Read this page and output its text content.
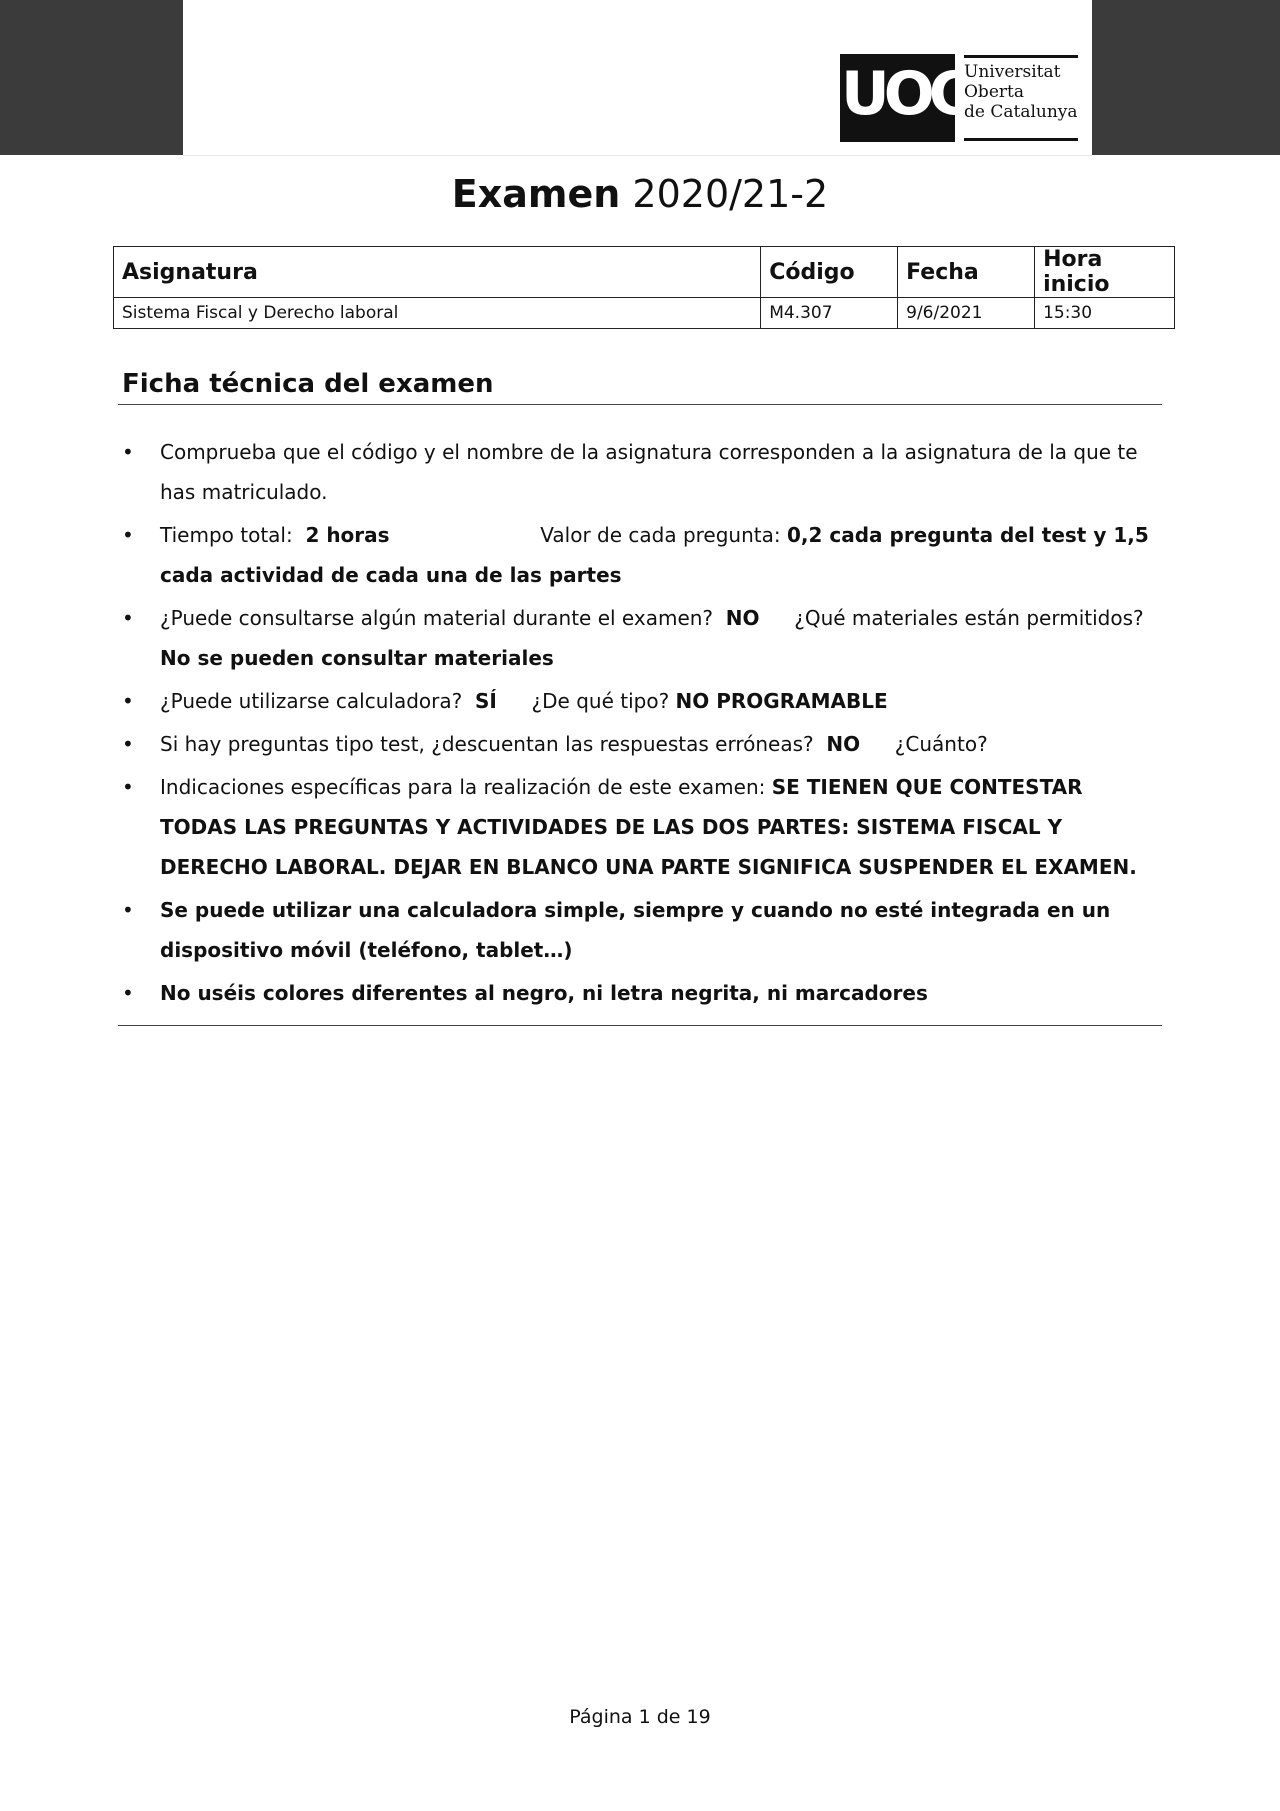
UOC
Universitat
Oberta
de Catalunya
Examen 2020/21-2
Asignatura	Código	Fecha	Hora inicio
Sistema Fiscal y Derecho laboral	M4.307	9/6/2021	15:30
Ficha técnica del examen
• Comprueba que el código y el nombre de la asignatura corresponden a la asignatura de la que te has matriculado.
• Tiempo total: 2 horas	Valor de cada pregunta: 0,2 cada pregunta del test y 1,5 cada actividad de cada una de las partes
• ¿Puede consultarse algún material durante el examen? NO ¿Qué materiales están permitidos? No se pueden consultar materiales
• ¿Puede utilizarse calculadora? SÍ ¿De qué tipo? NO PROGRAMABLE
• Si hay preguntas tipo test, ¿descuentan las respuestas erróneas? NO ¿Cuánto?
• Indicaciones específicas para la realización de este examen: SE TIENEN QUE CONTESTAR TODAS LAS PREGUNTAS Y ACTIVIDADES DE LAS DOS PARTES: SISTEMA FISCAL Y DERECHO LABORAL. DEJAR EN BLANCO UNA PARTE SIGNIFICA SUSPENDER EL EXAMEN.
• Se puede utilizar una calculadora simple, siempre y cuando no esté integrada en un dispositivo móvil (teléfono, tablet…)
• No uséis colores diferentes al negro, ni letra negrita, ni marcadores
Página 1 de 19
